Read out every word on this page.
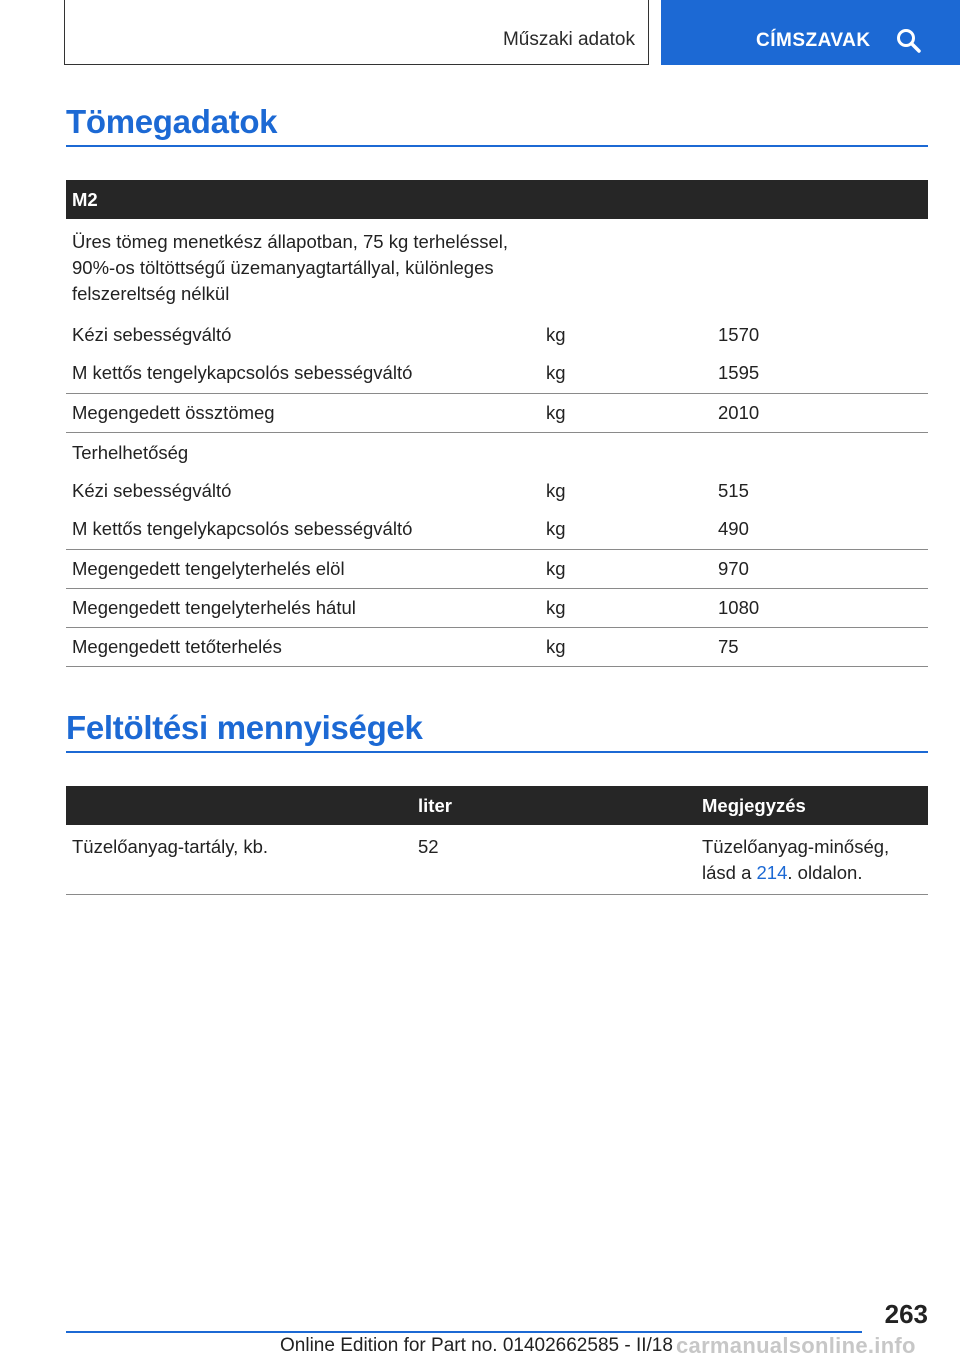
Műszaki adatok	CÍMSZAVAK
Tömegadatok
M2		

Üres tömeg menetkész állapotban, 75 kg terheléssel,
90%-os töltöttségű üzemanyagtartállyal, különleges
felszereltség nélkül		

Kézi sebességváltó	kg	1570
M kettős tengelykapcsolós sebességváltó	kg	1595
Megengedett össztömeg	kg	2010
Terhelhetőség		
Kézi sebességváltó	kg	515
M kettős tengelykapcsolós sebességváltó	kg	490
Megengedett tengelyterhelés elöl	kg	970
Megengedett tengelyterhelés hátul	kg	1080
Megengedett tetőterhelés	kg	75
Feltöltési mennyiségek
	liter	Megjegyzés
Tüzelőanyag-tartály, kb.	52	Tüzelőanyag-minőség,
lásd a 214. oldalon.
263
Online Edition for Part no. 01402662585 - II/18 carmanualsonline.info
